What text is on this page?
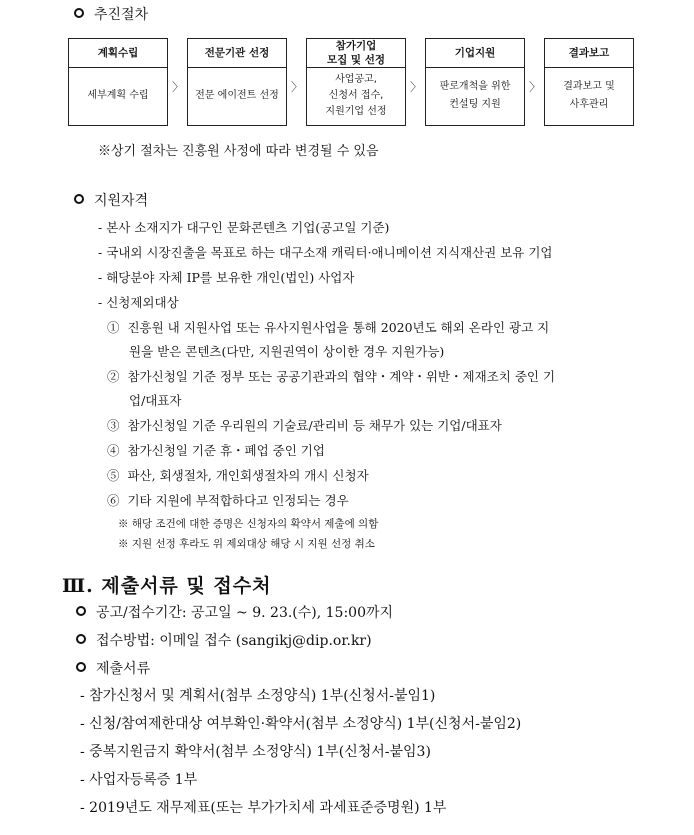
추진절차
계획수립
세부계획 수립
〉
전문기관 선정
전문 에이전트 선정
〉
참가기업
모집 및 선정
사업공고,
신청서 접수,
지원기업 선정
〉
기업지원
판로개척을 위한
컨설팅 지원
〉
결과보고
결과보고 및
사후관리
※상기 절차는 진흥원 사정에 따라 변경될 수 있음
지원자격
- 본사 소재지가 대구인 문화콘텐츠 기업(공고일 기준)
- 국내외 시장진출을 목표로 하는 대구소재 캐릭터·애니메이션 지식재산권 보유 기업
- 해당분야 자체 IP를 보유한 개인(법인) 사업자
- 신청제외대상
① 진흥원 내 지원사업 또는 유사지원사업을 통해 2020년도 해외 온라인 광고 지
원을 받은 콘텐츠(다만, 지원권역이 상이한 경우 지원가능)
② 참가신청일 기준 정부 또는 공공기관과의 협약・계약・위반・제재조치 중인 기
업/대표자
③ 참가신청일 기준 우리원의 기술료/관리비 등 채무가 있는 기업/대표자
④ 참가신청일 기준 휴・폐업 중인 기업
⑤ 파산, 회생절차, 개인회생절차의 개시 신청자
⑥ 기타 지원에 부적합하다고 인정되는 경우
※ 해당 조건에 대한 증명은 신청자의 확약서 제출에 의함
※ 지원 선정 후라도 위 제외대상 해당 시 지원 선정 취소
Ⅲ. 제출서류 및 접수처
공고/접수기간: 공고일 ~ 9. 23.(수), 15:00까지
접수방법: 이메일 접수 (sangikj@dip.or.kr)
제출서류
- 참가신청서 및 계획서(첨부 소정양식) 1부(신청서-붙임1)
- 신청/참여제한대상 여부확인·확약서(첨부 소정양식) 1부(신청서-붙임2)
- 중복지원금지 확약서(첨부 소정양식) 1부(신청서-붙임3)
- 사업자등록증 1부
- 2019년도 재무제표(또는 부가가치세 과세표준증명원) 1부
